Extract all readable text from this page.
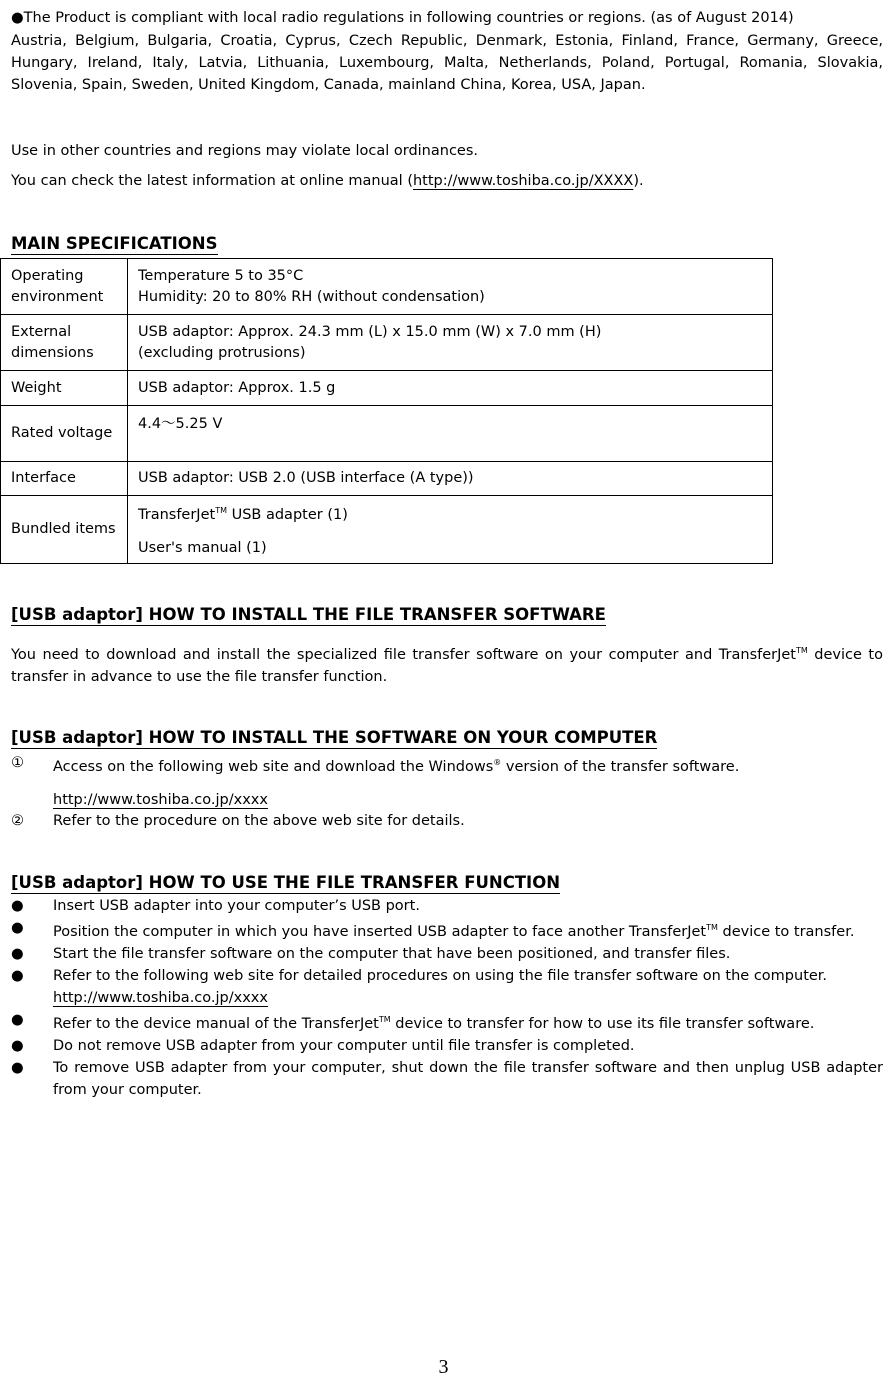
●The Product is compliant with local radio regulations in following countries or regions. (as of August 2014)
Austria, Belgium, Bulgaria, Croatia, Cyprus, Czech Republic, Denmark, Estonia, Finland, France, Germany, Greece, Hungary, Ireland, Italy, Latvia, Lithuania, Luxembourg, Malta, Netherlands, Poland, Portugal, Romania, Slovakia, Slovenia, Spain, Sweden, United Kingdom, Canada, mainland China, Korea, USA, Japan.
Use in other countries and regions may violate local ordinances.
You can check the latest information at online manual (http://www.toshiba.co.jp/XXXX).
MAIN SPECIFICATIONS
Operating environment	Temperature 5 to 35°C
Humidity: 20 to 80% RH (without condensation)

External dimensions	USB adaptor: Approx. 24.3 mm (L) x 15.0 mm (W) x 7.0 mm (H)
(excluding protrusions)

Weight	USB adaptor: Approx. 1.5 g
Rated voltage	4.4～5.25 V
Interface	USB adaptor: USB 2.0 (USB interface (A type))
Bundled items	TransferJet™ USB adapter (1)
User's manual (1)
[USB adaptor] HOW TO INSTALL THE FILE TRANSFER SOFTWARE
You need to download and install the specialized file transfer software on your computer and TransferJet™ device to transfer in advance to use the file transfer function.
[USB adaptor] HOW TO INSTALL THE SOFTWARE ON YOUR COMPUTER
①	Access on the following web site and download the Windows® version of the transfer software.
http://www.toshiba.co.jp/xxxx
②	Refer to the procedure on the above web site for details.
[USB adaptor] HOW TO USE THE FILE TRANSFER FUNCTION
●	Insert USB adapter into your computer’s USB port.
●	Position the computer in which you have inserted USB adapter to face another TransferJet™ device to transfer.
●	Start the file transfer software on the computer that have been positioned, and transfer files.
●	Refer to the following web site for detailed procedures on using the file transfer software on the computer.
http://www.toshiba.co.jp/xxxx
●	Refer to the device manual of the TransferJet™ device to transfer for how to use its file transfer software.
●	Do not remove USB adapter from your computer until file transfer is completed.
●	To remove USB adapter from your computer, shut down the file transfer software and then unplug USB adapter from your computer.
3
